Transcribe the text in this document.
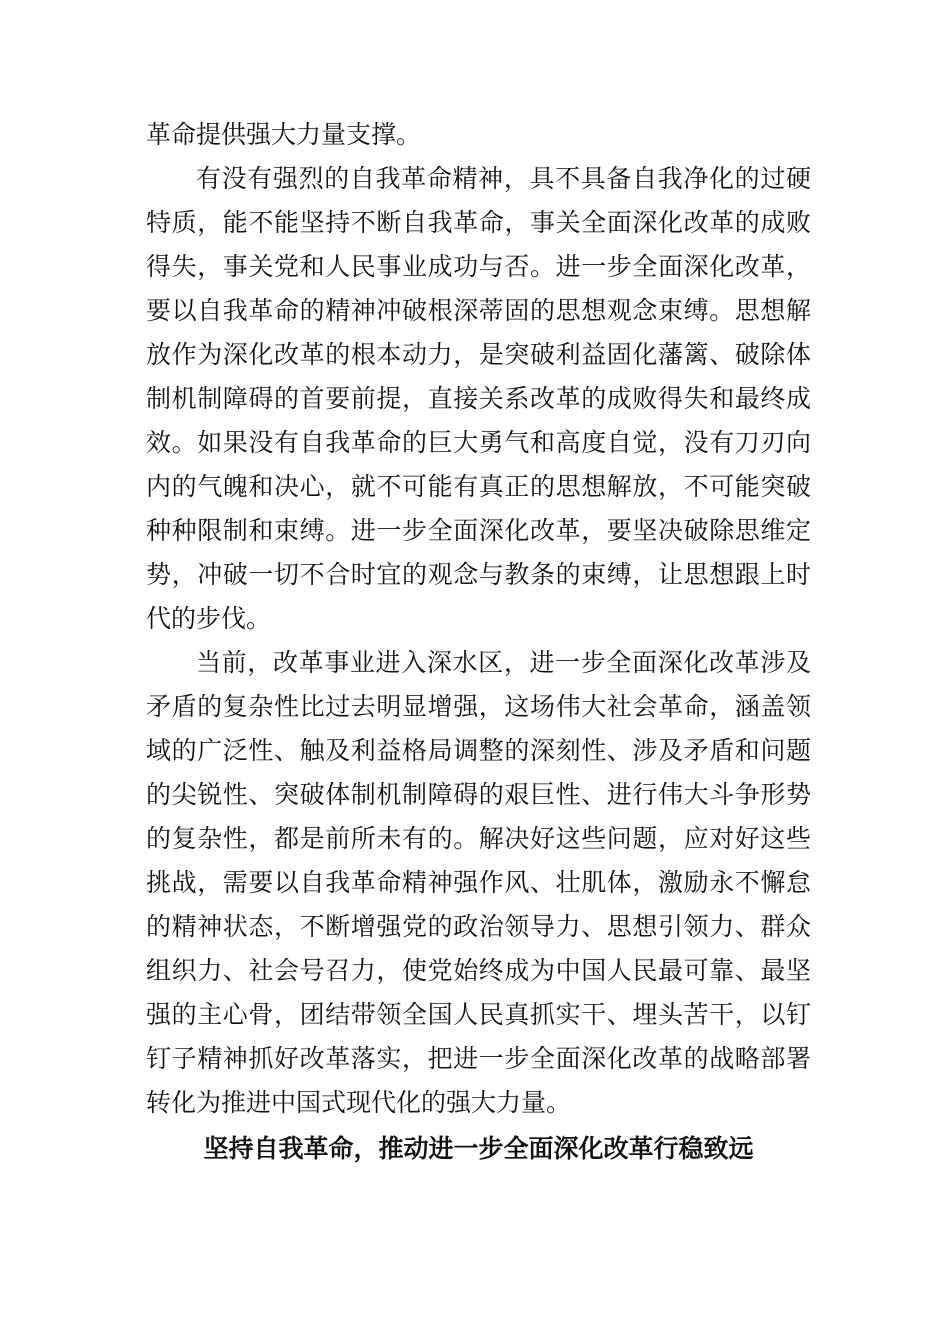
革命提供强大力量支撑。
有没有强烈的自我革命精神，具不具备自我净化的过硬
特质，能不能坚持不断自我革命，事关全面深化改革的成败
得失，事关党和人民事业成功与否。进一步全面深化改革，
要以自我革命的精神冲破根深蒂固的思想观念束缚。思想解
放作为深化改革的根本动力，是突破利益固化藩篱、破除体
制机制障碍的首要前提，直接关系改革的成败得失和最终成
效。如果没有自我革命的巨大勇气和高度自觉，没有刀刃向
内的气魄和决心，就不可能有真正的思想解放，不可能突破
种种限制和束缚。进一步全面深化改革，要坚决破除思维定
势，冲破一切不合时宜的观念与教条的束缚，让思想跟上时
代的步伐。
当前，改革事业进入深水区，进一步全面深化改革涉及
矛盾的复杂性比过去明显增强，这场伟大社会革命，涵盖领
域的广泛性、触及利益格局调整的深刻性、涉及矛盾和问题
的尖锐性、突破体制机制障碍的艰巨性、进行伟大斗争形势
的复杂性，都是前所未有的。解决好这些问题，应对好这些
挑战，需要以自我革命精神强作风、壮肌体，激励永不懈怠
的精神状态，不断增强党的政治领导力、思想引领力、群众
组织力、社会号召力，使党始终成为中国人民最可靠、最坚
强的主心骨，团结带领全国人民真抓实干、埋头苦干，以钉
钉子精神抓好改革落实，把进一步全面深化改革的战略部署
转化为推进中国式现代化的强大力量。
坚持自我革命，推动进一步全面深化改革行稳致远
